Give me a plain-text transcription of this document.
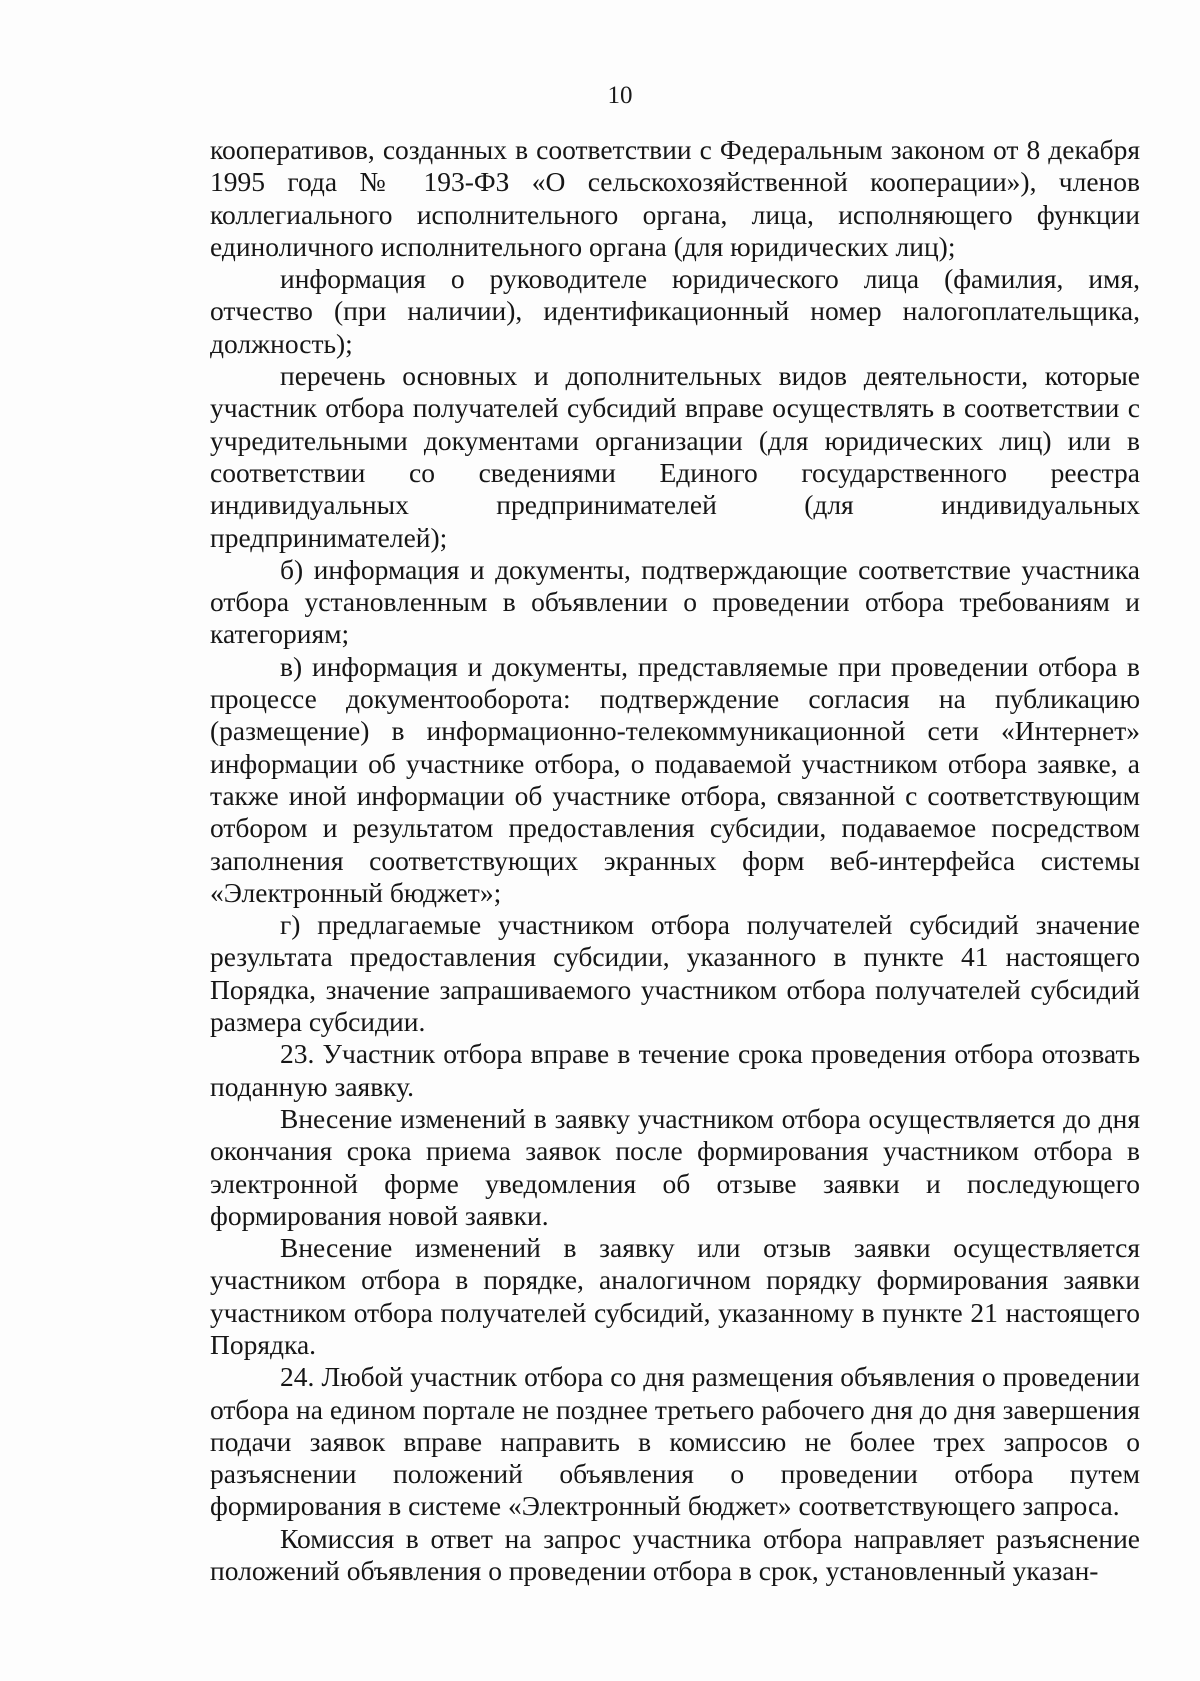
10

кооперативов, созданных в соответствии с Федеральным законом от 8 декабря 1995 года № 193-ФЗ «О сельскохозяйственной кооперации»), членов коллегиального исполнительного органа, лица, исполняющего функции единоличного исполнительного органа (для юридических лиц);

информация о руководителе юридического лица (фамилия, имя, отчество (при наличии), идентификационный номер налогоплательщика, должность);

перечень основных и дополнительных видов деятельности, которые участник отбора получателей субсидий вправе осуществлять в соответствии с учредительными документами организации (для юридических лиц) или в соответствии со сведениями Единого государственного реестра индивидуальных предпринимателей (для индивидуальных предпринимателей);

б) информация и документы, подтверждающие соответствие участника отбора установленным в объявлении о проведении отбора требованиям и категориям;

в) информация и документы, представляемые при проведении отбора в процессе документооборота: подтверждение согласия на публикацию (размещение) в информационно-телекоммуникационной сети «Интернет» информации об участнике отбора, о подаваемой участником отбора заявке, а также иной информации об участнике отбора, связанной с соответствующим отбором и результатом предоставления субсидии, подаваемое посредством заполнения соответствующих экранных форм веб-интерфейса системы «Электронный бюджет»;

г) предлагаемые участником отбора получателей субсидий значение результата предоставления субсидии, указанного в пункте 41 настоящего Порядка, значение запрашиваемого участником отбора получателей субсидий размера субсидии.

23. Участник отбора вправе в течение срока проведения отбора отозвать поданную заявку.

Внесение изменений в заявку участником отбора осуществляется до дня окончания срока приема заявок после формирования участником отбора в электронной форме уведомления об отзыве заявки и последующего формирования новой заявки.

Внесение изменений в заявку или отзыв заявки осуществляется участником отбора в порядке, аналогичном порядку формирования заявки участником отбора получателей субсидий, указанному в пункте 21 настоящего Порядка.

24. Любой участник отбора со дня размещения объявления о проведении отбора на едином портале не позднее третьего рабочего дня до дня завершения подачи заявок вправе направить в комиссию не более трех запросов о разъяснении положений объявления о проведении отбора путем формирования в системе «Электронный бюджет» соответствующего запроса.

Комиссия в ответ на запрос участника отбора направляет разъяснение положений объявления о проведении отбора в срок, установленный указан-
